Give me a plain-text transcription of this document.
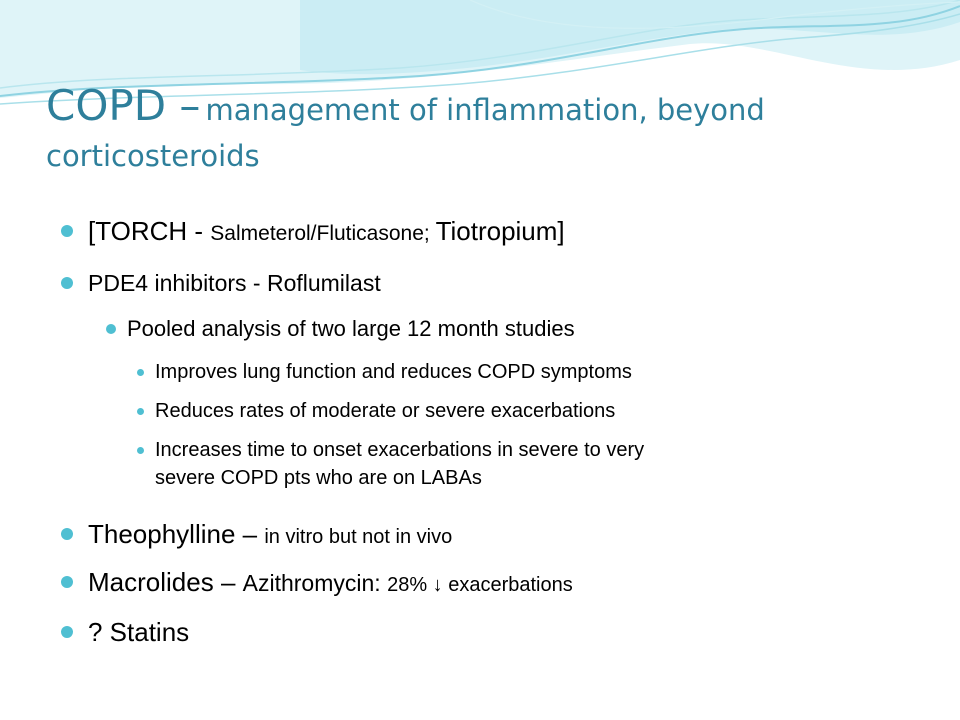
COPD – management of inflammation, beyond
corticosteroids
[TORCH - Salmeterol/Fluticasone; Tiotropium]
PDE4 inhibitors - Roflumilast
Pooled analysis of two large 12 month studies
Improves lung function and reduces COPD symptoms
Reduces rates of moderate or severe exacerbations
Increases time to onset exacerbations in severe to very
severe COPD pts who are on LABAs
Theophylline – in vitro but not in vivo
Macrolides – Azithromycin: 28% ↓ exacerbations
? Statins
